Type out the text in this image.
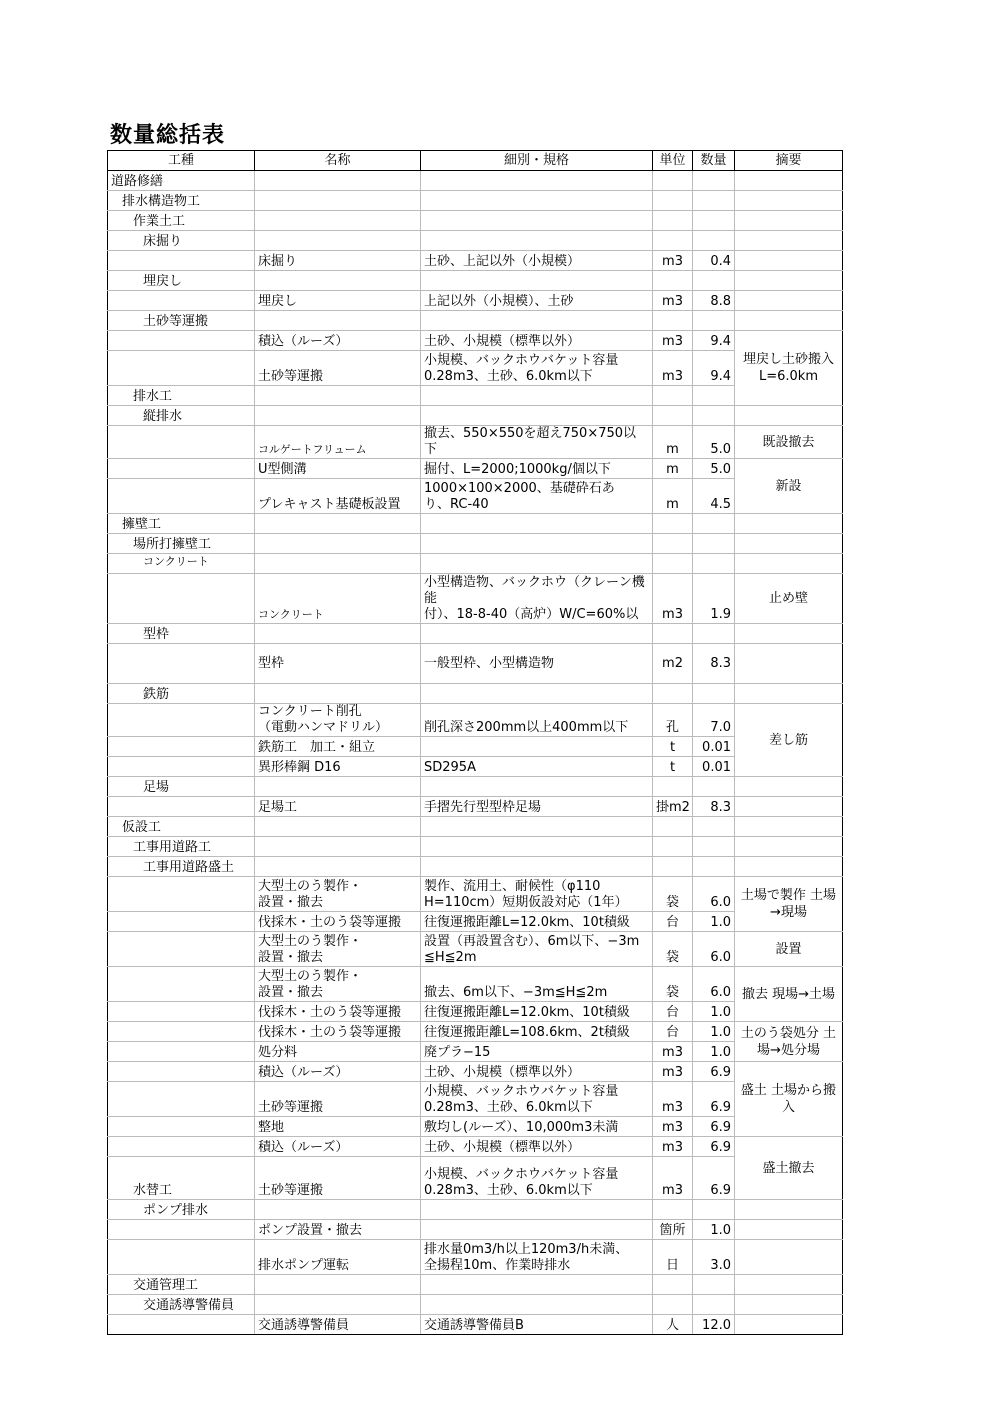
数量総括表
工種	名称	細別・規格	単位	数量	摘要
道路修繕					
排水構造物工					
作業土工					
床掘り					
	床掘り	土砂、上記以外（小規模）	m3	0.4	
埋戻し					
	埋戻し	上記以外（小規模）、土砂	m3	8.8	
土砂等運搬					
	積込（ルーズ）	土砂、小規模（標準以外）	m3	9.4	埋戻し土砂搬入 L=6.0km
	土砂等運搬	小規模、バックホウバケット容量
0.28m3、土砂、6.0km以下	m3	9.4	
排水工					
縦排水					
	コルゲートフリューム	撤去、550×550を超え750×750以下	m	5.0	既設撤去
	U型側溝	掘付、L=2000;1000kg/個以下	m	5.0	新設
	プレキャスト基礎板設置	1000×100×2000、基礎砕石あ
り、RC-40	m	4.5	
擁壁工					
場所打擁壁工					
コンクリート					
	コンクリート	小型構造物、バックホウ（クレーン機能
付）、18-8-40（高炉）W/C=60%以	m3	1.9	止め壁
型枠					
	型枠	一般型枠、小型構造物	m2	8.3	
鉄筋					
	コンクリート削孔
（電動ハンマドリル）	削孔深さ200mm以上400mm以下	孔	7.0	差し筋
	鉄筋工　加工・組立		t	0.01	
	異形棒鋼 D16	SD295A	t	0.01	
足場					
	足場工	手摺先行型型枠足場	掛m2	8.3	
仮設工					
工事用道路工					
工事用道路盛土					
	大型土のう製作・
設置・撤去	製作、流用土、耐候性（φ110
H=110cm）短期仮設対応（1年）	袋	6.0	土場で製作 土場→現場
	伐採木・土のう袋等運搬	往復運搬距離L=12.0km、10t積級	台	1.0	
	大型土のう製作・
設置・撤去	設置（再設置含む）、6m以下、−3m
≦H≦2m	袋	6.0	設置
	大型土のう製作・
設置・撤去	撤去、6m以下、−3m≦H≦2m	袋	6.0	撤去 現場→土場
	伐採木・土のう袋等運搬	往復運搬距離L=12.0km、10t積級	台	1.0	
	伐採木・土のう袋等運搬	往復運搬距離L=108.6km、2t積級	台	1.0	土のう袋処分 土場→処分場
	処分料	廃プラ−15	m3	1.0	
	積込（ルーズ）	土砂、小規模（標準以外）	m3	6.9	盛土 土場から搬入
	土砂等運搬	小規模、バックホウバケット容量
0.28m3、土砂、6.0km以下	m3	6.9	
	整地	敷均し(ルーズ）、10,000m3未満	m3	6.9	
	積込（ルーズ）	土砂、小規模（標準以外）	m3	6.9	盛土撤去
水替工	土砂等運搬	小規模、バックホウバケット容量
0.28m3、土砂、6.0km以下	m3	6.9	
ポンプ排水					
	ポンプ設置・撤去		箇所	1.0	
	排水ポンプ運転	排水量0m3/h以上120m3/h未満、
全揚程10m、作業時排水	日	3.0	
交通管理工					
交通誘導警備員					
	交通誘導警備員	交通誘導警備員B	人	12.0	
